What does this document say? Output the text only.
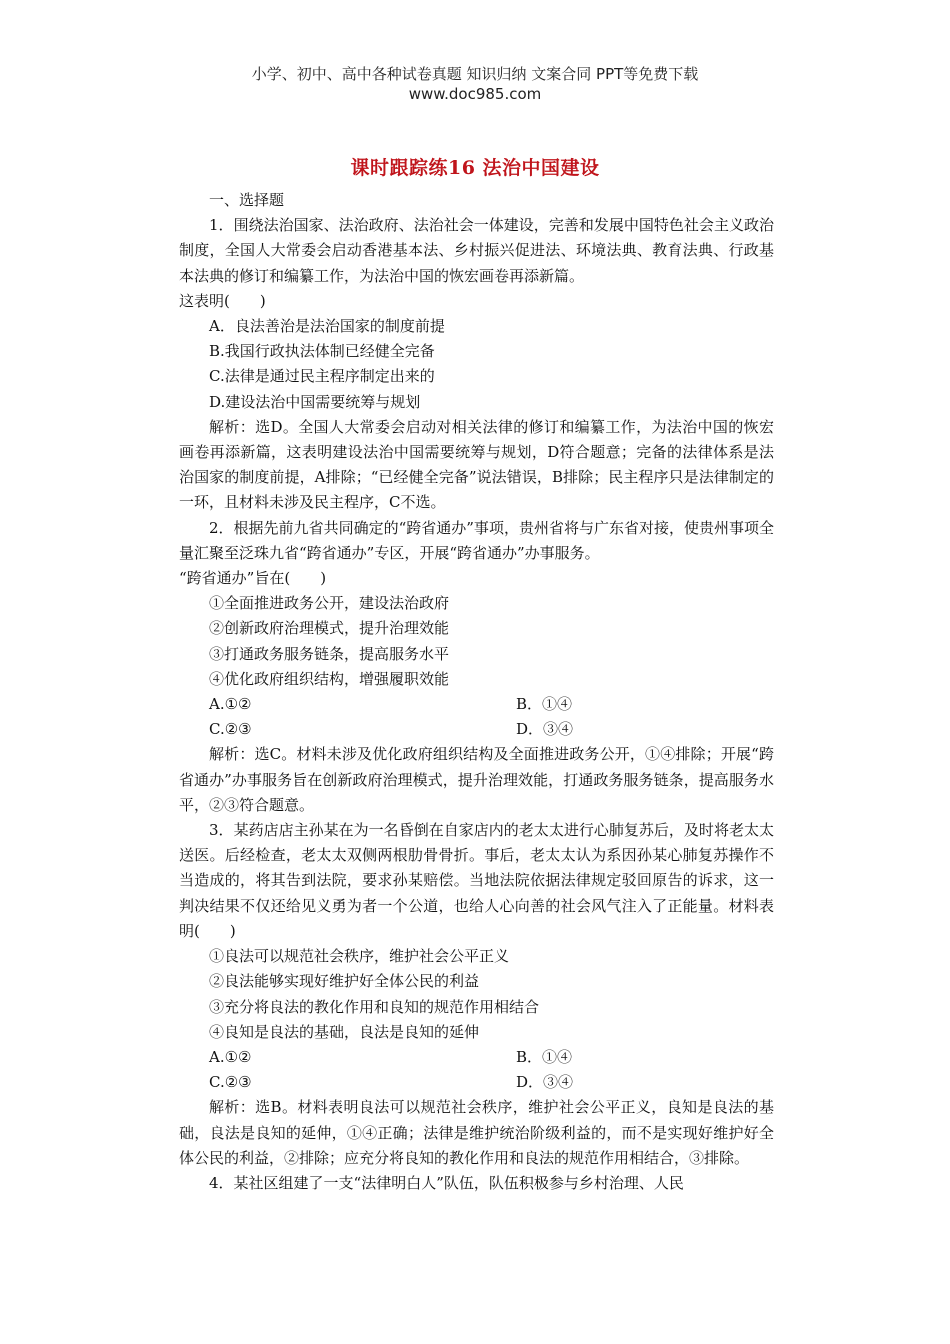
小学、初中、高中各种试卷真题 知识归纳 文案合同 PPT等免费下载
www.doc985.com
课时跟踪练16 法治中国建设

一、选择题

1．围绕法治国家、法治政府、法治社会一体建设，完善和发展中国特色社会主义政治制度，全国人大常委会启动香港基本法、乡村振兴促进法、环境法典、教育法典、行政基本法典的修订和编纂工作，为法治中国的恢宏画卷再添新篇。

这表明(　　)

A．良法善治是法治国家的制度前提
B.我国行政执法体制已经健全完备
C.法律是通过民主程序制定出来的
D.建设法治中国需要统筹与规划

解析：选D。全国人大常委会启动对相关法律的修订和编纂工作，为法治中国的恢宏画卷再添新篇，这表明建设法治中国需要统筹与规划，D符合题意；完备的法律体系是法治国家的制度前提，A排除；“已经健全完备”说法错误，B排除；民主程序只是法律制定的一环，且材料未涉及民主程序，C不选。

2．根据先前九省共同确定的“跨省通办”事项，贵州省将与广东省对接，使贵州事项全量汇聚至泛珠九省“跨省通办”专区，开展“跨省通办”办事服务。

“跨省通办”旨在(　　)

①全面推进政务公开，建设法治政府
②创新政府治理模式，提升治理效能
③打通政务服务链条，提高服务水平
④优化政府组织结构，增强履职效能
A.①②	B．①④
C.②③	D．③④

解析：选C。材料未涉及优化政府组织结构及全面推进政务公开，①④排除；开展“跨省通办”办事服务旨在创新政府治理模式，提升治理效能，打通政务服务链条，提高服务水平，②③符合题意。

3．某药店店主孙某在为一名昏倒在自家店内的老太太进行心肺复苏后，及时将老太太送医。后经检查，老太太双侧两根肋骨骨折。事后，老太太认为系因孙某心肺复苏操作不当造成的，将其告到法院，要求孙某赔偿。当地法院依据法律规定驳回原告的诉求，这一判决结果不仅还给见义勇为者一个公道，也给人心向善的社会风气注入了正能量。材料表明(　　)

①良法可以规范社会秩序，维护社会公平正义
②良法能够实现好维护好全体公民的利益
③充分将良法的教化作用和良知的规范作用相结合
④良知是良法的基础，良法是良知的延伸
A.①②	B．①④
C.②③	D．③④

解析：选B。材料表明良法可以规范社会秩序，维护社会公平正义，良知是良法的基础，良法是良知的延伸，①④正确；法律是维护统治阶级利益的，而不是实现好维护好全体公民的利益，②排除；应充分将良知的教化作用和良法的规范作用相结合，③排除。

4．某社区组建了一支“法律明白人”队伍，队伍积极参与乡村治理、人民
